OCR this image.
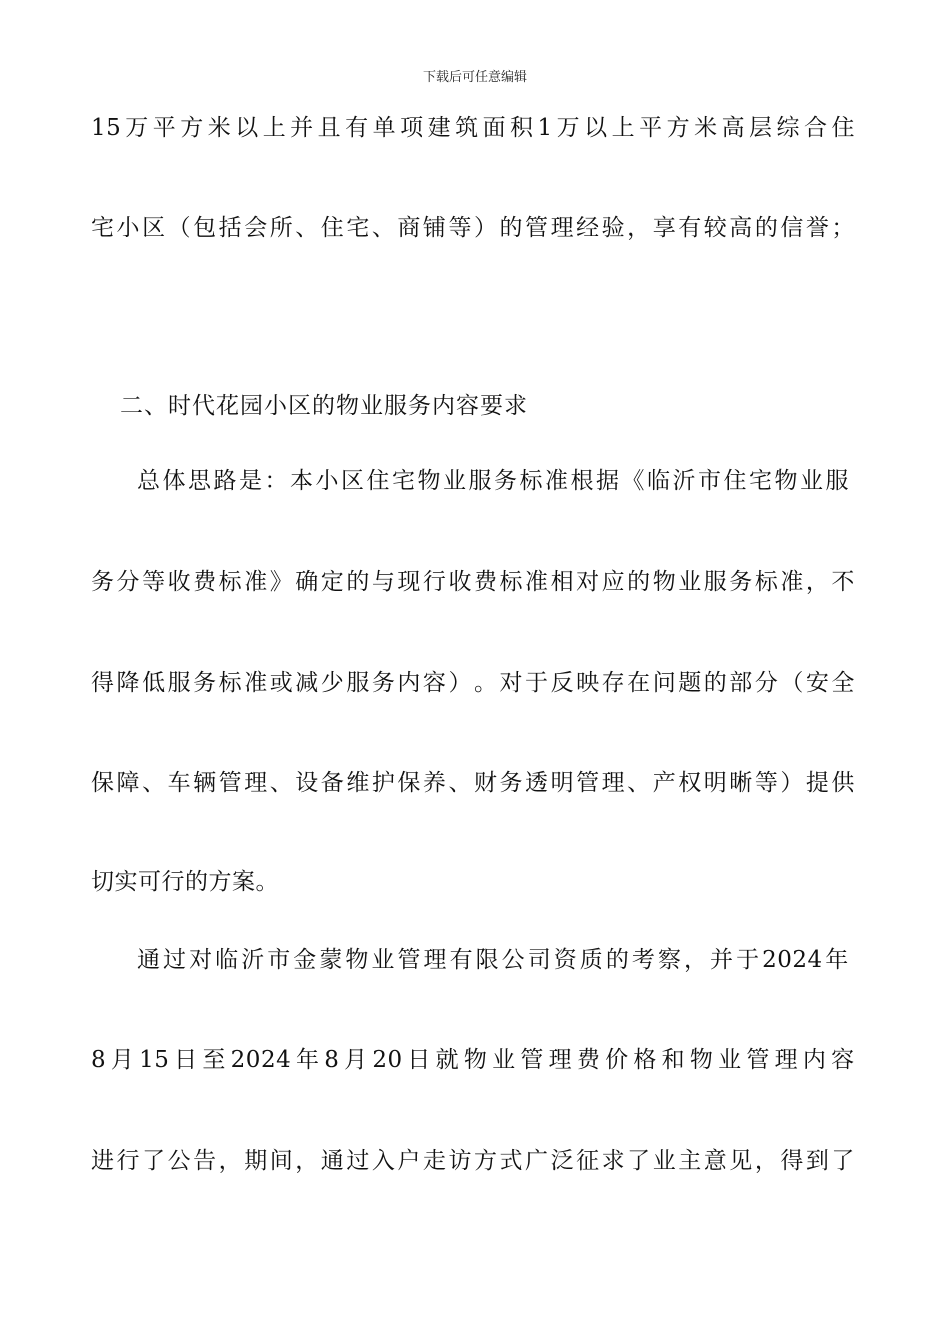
下载后可任意编辑
15 万 平 方 米 以 上 并 且 有 单 项 建 筑 面 积 1 万 以 上 平 方 米 高 层 综 合 住
宅 小 区 （ 包 括 会 所 、 住 宅 、 商 铺 等 ） 的 管 理 经 验 ， 享 有 较 高 的 信 誉 ；
二、时代花园小区的物业服务内容要求
总 体 思 路 是 ： 本 小 区 住 宅 物 业 服 务 标 准 根 据 《 临 沂 市 住 宅 物 业 服
务 分 等 收 费 标 准 》 确 定 的 与 现 行 收 费 标 准 相 对 应 的 物 业 服 务 标 准 ， 不
得 降 低 服 务 标 准 或 减 少 服 务 内 容 ） 。 对 于 反 映 存 在 问 题 的 部 分 （ 安 全
保 障 、 车 辆 管 理 、 设 备 维 护 保 养 、 财 务 透 明 管 理 、 产 权 明 晰 等 ） 提 供
切实可行的方案。
通 过 对 临 沂 市 金 蒙 物 业 管 理 有 限 公 司 资 质 的 考 察 ， 并 于 2024 年
8 月 15 日 至 2024 年 8 月 20 日 就 物 业 管 理 费 价 格 和 物 业 管 理 内 容
进 行 了 公 告 ， 期 间 ， 通 过 入 户 走 访 方 式 广 泛 征 求 了 业 主 意 见 ， 得 到 了
